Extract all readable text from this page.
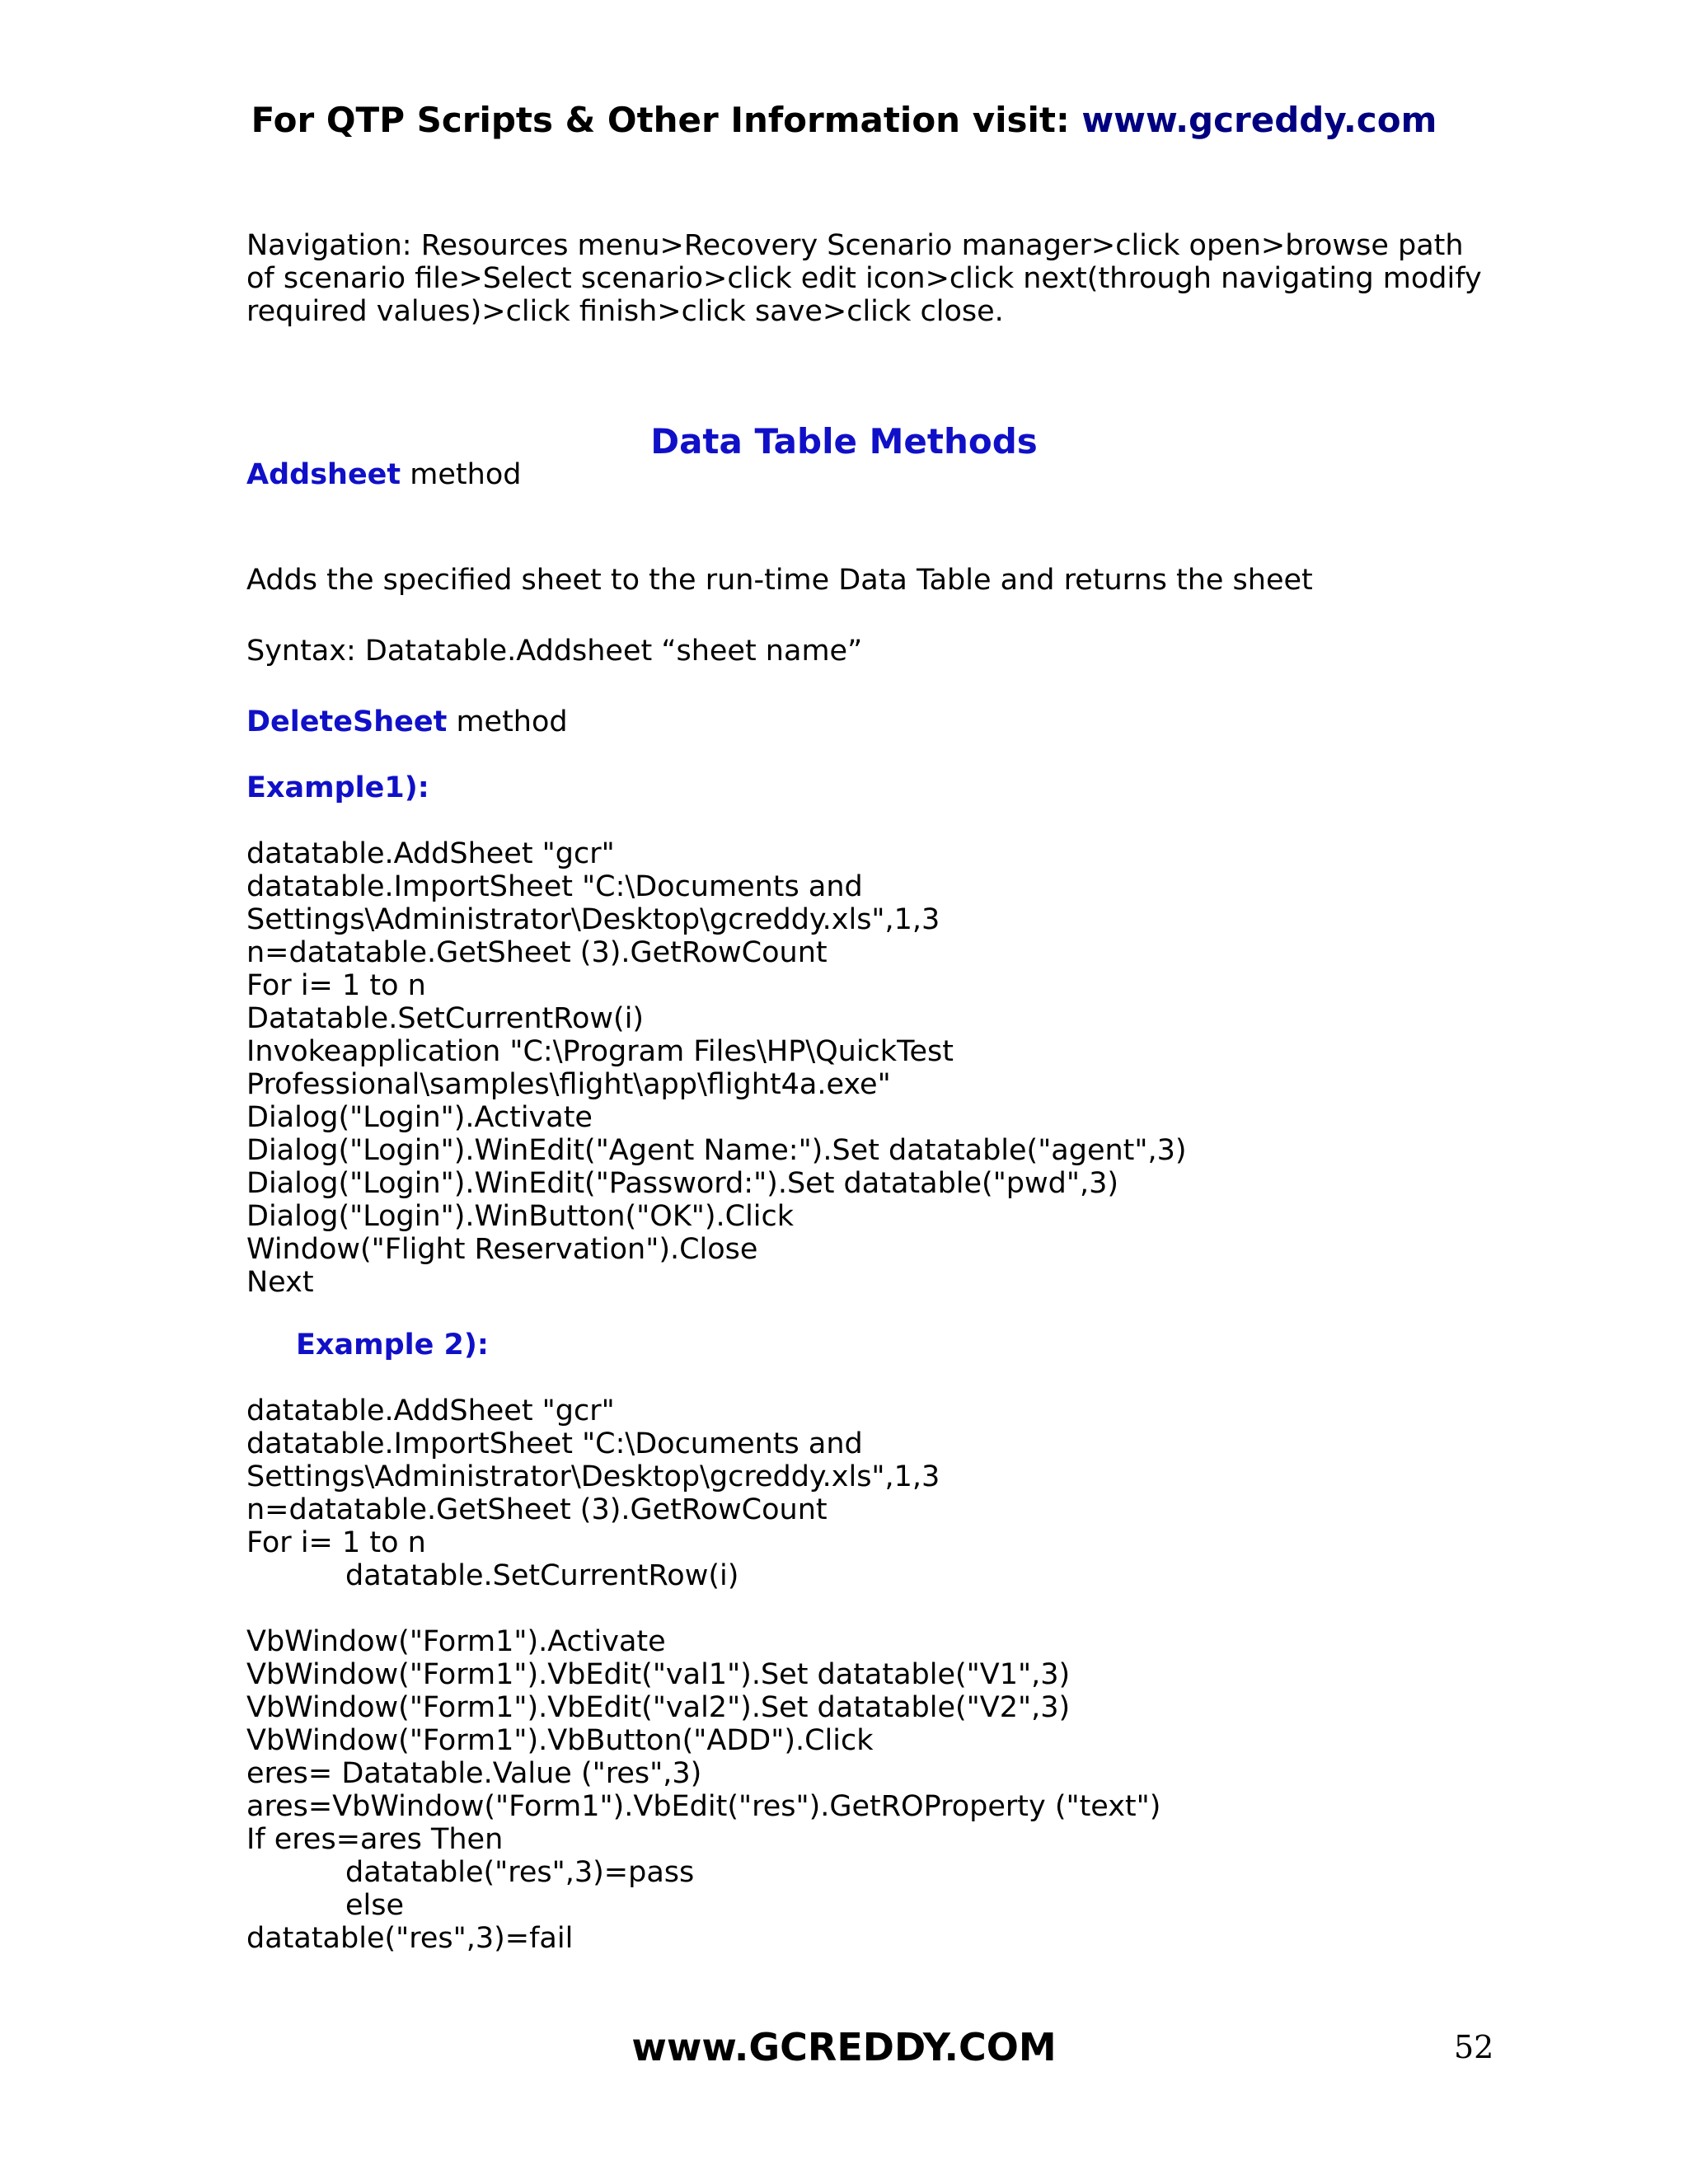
For QTP Scripts & Other Information visit: www.gcreddy.com
Navigation: Resources menu>Recovery Scenario manager>click open>browse path of scenario file>Select scenario>click edit icon>click next(through navigating modify required values)>click finish>click save>click close.
Data Table Methods
Addsheet method
Adds the specified sheet to the run-time Data Table and returns the sheet
Syntax: Datatable.Addsheet “sheet name”
DeleteSheet method
Example1):
datatable.AddSheet "gcr"
datatable.ImportSheet "C:\Documents and
Settings\Administrator\Desktop\gcreddy.xls",1,3
n=datatable.GetSheet (3).GetRowCount
For i= 1 to n
Datatable.SetCurrentRow(i)
Invokeapplication "C:\Program Files\HP\QuickTest
Professional\samples\flight\app\flight4a.exe"
Dialog("Login").Activate
Dialog("Login").WinEdit("Agent Name:").Set datatable("agent",3)
Dialog("Login").WinEdit("Password:").Set datatable("pwd",3)
Dialog("Login").WinButton("OK").Click
Window("Flight Reservation").Close
Next
Example 2):
datatable.AddSheet "gcr"
datatable.ImportSheet "C:\Documents and
Settings\Administrator\Desktop\gcreddy.xls",1,3
n=datatable.GetSheet (3).GetRowCount
For i= 1 to n
datatable.SetCurrentRow(i)
VbWindow("Form1").Activate
VbWindow("Form1").VbEdit("val1").Set datatable("V1",3)
VbWindow("Form1").VbEdit("val2").Set datatable("V2",3)
VbWindow("Form1").VbButton("ADD").Click
eres= Datatable.Value ("res",3)
ares=VbWindow("Form1").VbEdit("res").GetROProperty ("text")
If eres=ares Then
datatable("res",3)=pass
else
datatable("res",3)=fail
www.GCREDDY.COM	52
